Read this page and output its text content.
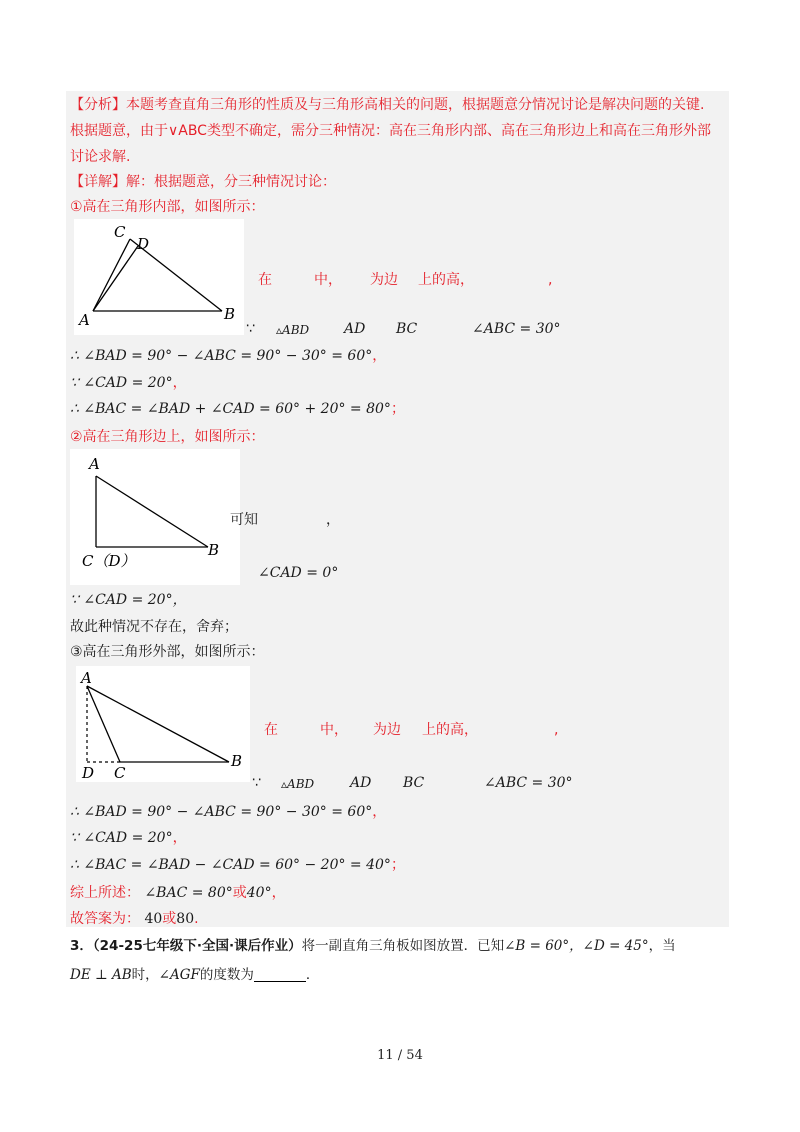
【分析】本题考查直角三角形的性质及与三角形高相关的问题，根据题意分情况讨论是解决问题的关键.
根据题意，由于∨ABC类型不确定，需分三种情况：高在三角形内部、高在三角形边上和高在三角形外部
讨论求解.
【详解】解：根据题意，分三种情况讨论：
①高在三角形内部，如图所示：
C
D
A	B
在	中， 为边 上的高，	,
∵ ▵ABD AD BC	∠ABC = 30°
∴ ∠BAD = 90° − ∠ABC = 90° − 30° = 60°，
∵ ∠CAD = 20°，
∴ ∠BAC = ∠BAD + ∠CAD = 60° + 20° = 80°；
②高在三角形边上，如图所示：
A
C（D）
B
可知	，
∠CAD = 0°
∵ ∠CAD = 20°，
故此种情况不存在，舍弃；
③高在三角形外部，如图所示：
A
D C
B
在	中， 为边 上的高，	,
∵ ▵ABD	AD BC	∠ABC = 30°
∴ ∠BAD = 90° − ∠ABC = 90° − 30° = 60°，
∵ ∠CAD = 20°，
∴ ∠BAC = ∠BAD − ∠CAD = 60° − 20° = 40°；
综上所述： ∠BAC = 80°或40°，
故答案为： 40或80.
3．（24-25七年级下·全国·课后作业）将一副直角三角板如图放置．已知∠B = 60°，∠D = 45°，当
DE ⊥ AB时，∠AGF的度数为	．
11 / 54
